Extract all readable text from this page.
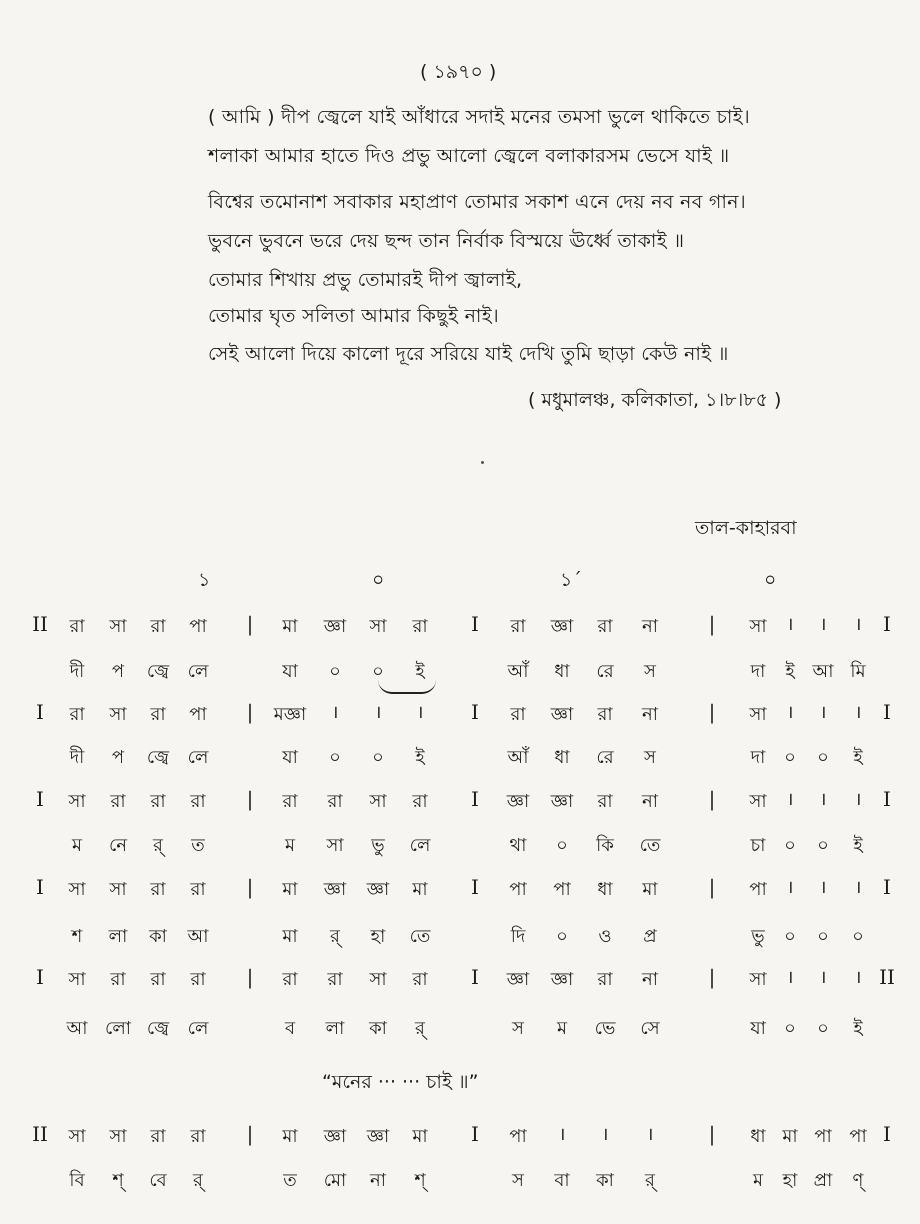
( ১৯৭০ )
( আমি ) দীপ জ্বেলে যাই আঁধারে সদাই মনের তমসা ভুলে থাকিতে চাই।
শলাকা আমার হাতে দিও প্রভু আলো জ্বেলে বলাকারসম ভেসে যাই ॥
বিশ্বের তমোনাশ সবাকার মহাপ্রাণ তোমার সকাশ এনে দেয় নব নব গান।
ভুবনে ভুবনে ভরে দেয় ছন্দ তান নির্বাক বিস্ময়ে ঊর্ধ্বে তাকাই ॥
তোমার শিখায় প্রভু তোমারই দীপ জ্বালাই,
তোমার ঘৃত সলিতা আমার কিছুই নাই।
সেই আলো দিয়ে কালো দূরে সরিয়ে যাই দেখি তুমি ছাড়া কেউ নাই ॥
( মধুমালঞ্চ, কলিকাতা, ১।৮।৮৫ )
তাল-কাহারবা
১	০	১´	০
II রা সা রা পা | মা জ্ঞা সা রা I রা জ্ঞা রা না	| সা । । । I
দী প জ্বে লে	যা ০ ০ ই	আঁ ধা রে স	দা ই আ মি
I রা সা রা পা | মজ্ঞা । । । I রা জ্ঞা রা না	| সা । । । I
দী প জ্বে লে	যা ০ ০ ই	আঁ ধা রে স	দা ০ ০ ই
I সা রা রা রা | রা রা সা রা I জ্ঞা জ্ঞা রা না	| সা । । । I
ম নে র্ ত	ম সা ভু লে	থা ০ কি তে	চা ০ ০ ই
I সা সা রা রা | মা জ্ঞা জ্ঞা মা I পা পা ধা মা	| পা । । । I
শ লা কা আ	মা র্ হা তে	দি ০ ও প্র	ভু ০ ০ ০
I সা রা রা রা | রা রা সা রা I জ্ঞা জ্ঞা রা না	| সা । । । II
আ লো জ্বে লে	ব লা কা র্	স ম ভে সে	যা ০ ০ ই
“মনের ··· ··· চাই ॥”
II সা সা রা রা | মা জ্ঞা জ্ঞা মা I পা । । ।	| ধা মা পা পা I
বি শ্ বে র্	ত মো না শ্	স বা কা র্	ম হা প্রা ণ্
